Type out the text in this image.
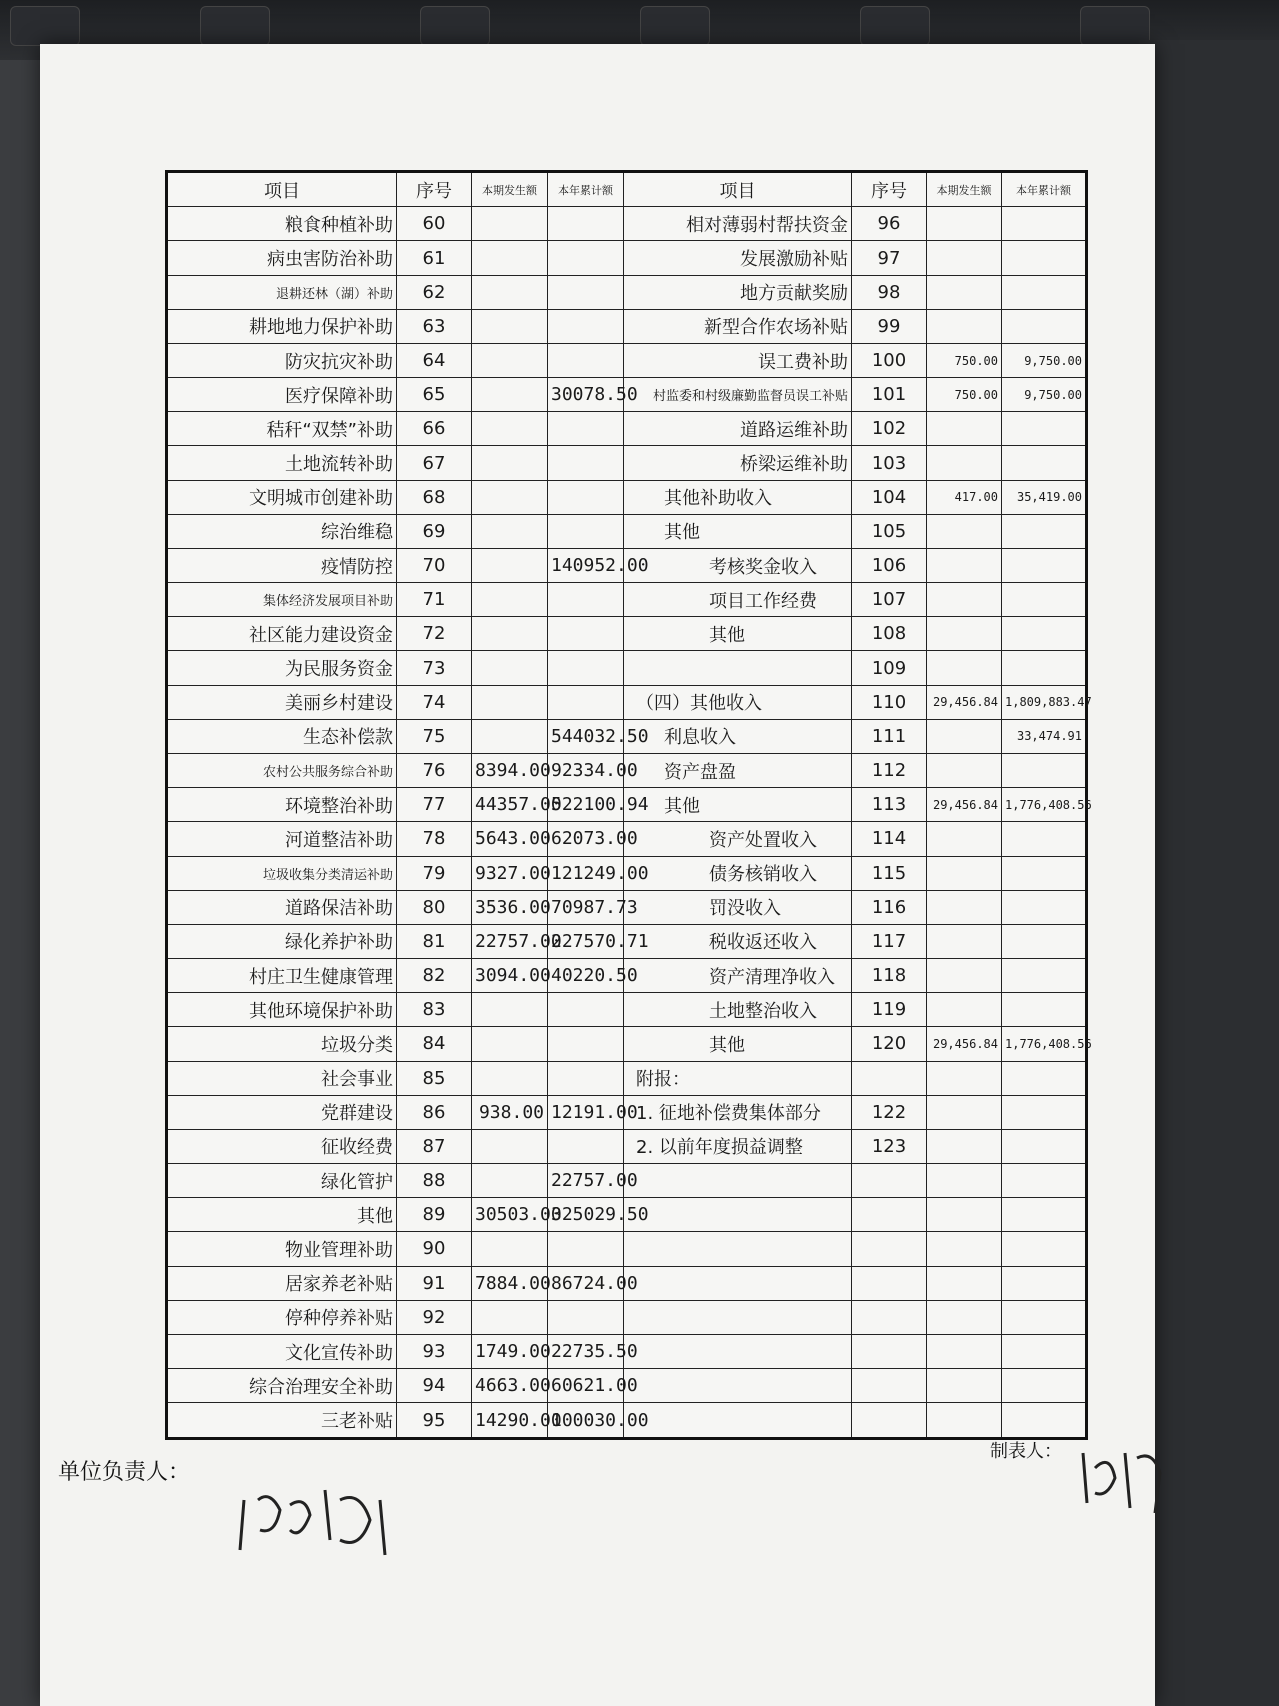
项目	序号	本期发生额	本年累计额	项目	序号	本期发生额	本年累计额
粮食种植补助	60			相对薄弱村帮扶资金	96		
病虫害防治补助	61			发展激励补贴	97		
退耕还林（湖）补助	62			地方贡献奖励	98		
耕地地力保护补助	63			新型合作农场补贴	99		
防灾抗灾补助	64			误工费补助	100	750.00	9,750.00
医疗保障补助	65		30078.50	村监委和村级廉勤监督员误工补贴	101	750.00	9,750.00
秸秆“双禁”补助	66			道路运维补助	102		
土地流转补助	67			桥梁运维补助	103		
文明城市创建补助	68			其他补助收入	104	417.00	35,419.00
综治维稳	69			其他	105		
疫情防控	70		140952.00	考核奖金收入	106		
集体经济发展项目补助	71			项目工作经费	107		
社区能力建设资金	72			其他	108		
为民服务资金	73				109		
美丽乡村建设	74			（四）其他收入	110	29,456.84	1,809,883.47
生态补偿款	75		544032.50	利息收入	111		33,474.91
农村公共服务综合补助	76	8394.00	92334.00	资产盘盈	112		
环境整治补助	77	44357.00	522100.94	其他	113	29,456.84	1,776,408.56
河道整洁补助	78	5643.00	62073.00	资产处置收入	114		
垃圾收集分类清运补助	79	9327.00	121249.00	债务核销收入	115		
道路保洁补助	80	3536.00	70987.73	罚没收入	116		
绿化养护补助	81	22757.00	227570.71	税收返还收入	117		
村庄卫生健康管理	82	3094.00	40220.50	资产清理净收入	118		
其他环境保护补助	83			土地整治收入	119		
垃圾分类	84			其他	120	29,456.84	1,776,408.56
社会事业	85			附报：			
党群建设	86	938.00	12191.00	1. 征地补偿费集体部分	122		
征收经费	87			2. 以前年度损益调整	123		
绿化管护	88		22757.00				
其他	89	30503.00	325029.50				
物业管理补助	90						
居家养老补贴	91	7884.00	86724.00				
停种停养补贴	92						
文化宣传补助	93	1749.00	22735.50				
综合治理安全补助	94	4663.00	60621.00				
三老补贴	95	14290.00	100030.00				
单位负责人：
制表人：
